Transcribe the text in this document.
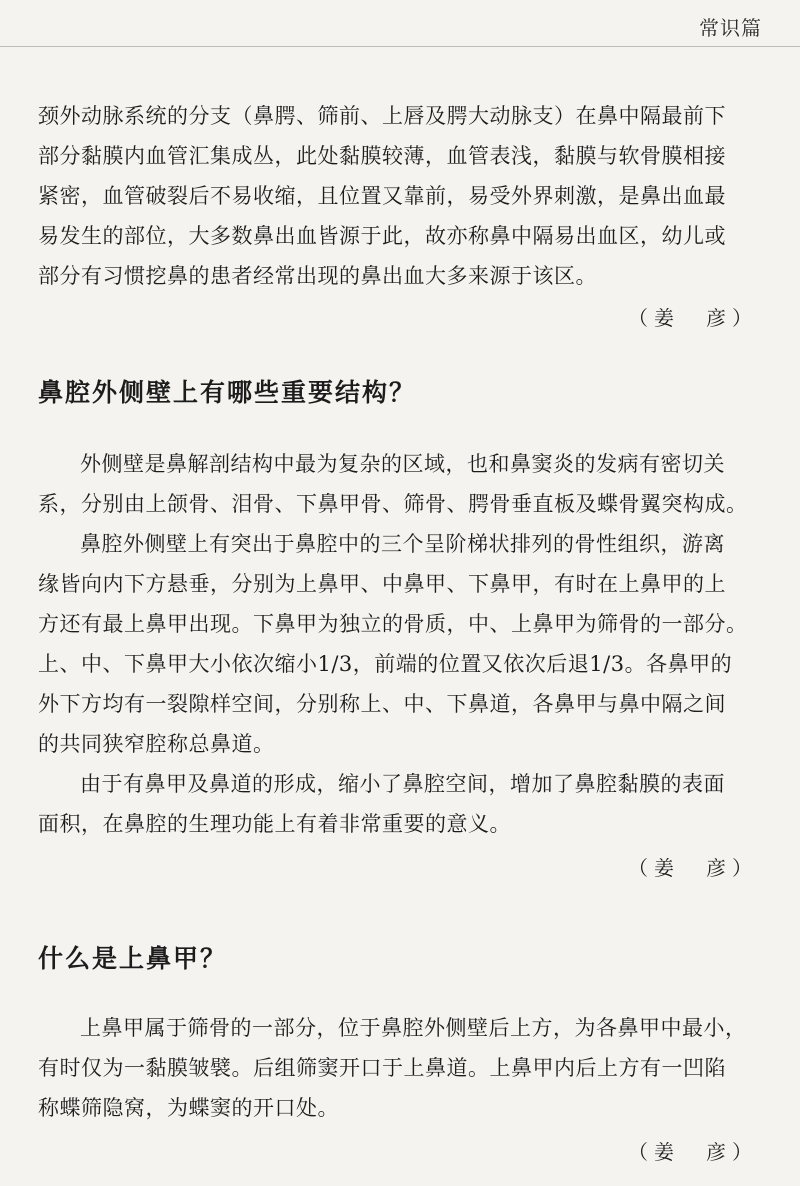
常识篇

颈外动脉系统的分支（鼻腭、筛前、上唇及腭大动脉支）在鼻中隔最前下

部分黏膜内血管汇集成丛，此处黏膜较薄，血管表浅，黏膜与软骨膜相接

紧密，血管破裂后不易收缩，且位置又靠前，易受外界刺激，是鼻出血最

易发生的部位，大多数鼻出血皆源于此，故亦称鼻中隔易出血区，幼儿或

部分有习惯挖鼻的患者经常出现的鼻出血大多来源于该区。

（姜　彦）

鼻腔外侧壁上有哪些重要结构？

外侧壁是鼻解剖结构中最为复杂的区域，也和鼻窦炎的发病有密切关

系，分别由上颌骨、泪骨、下鼻甲骨、筛骨、腭骨垂直板及蝶骨翼突构成。

鼻腔外侧壁上有突出于鼻腔中的三个呈阶梯状排列的骨性组织，游离

缘皆向内下方悬垂，分别为上鼻甲、中鼻甲、下鼻甲，有时在上鼻甲的上

方还有最上鼻甲出现。下鼻甲为独立的骨质，中、上鼻甲为筛骨的一部分。

上、中、下鼻甲大小依次缩小1/3，前端的位置又依次后退1/3。各鼻甲的

外下方均有一裂隙样空间，分别称上、中、下鼻道，各鼻甲与鼻中隔之间

的共同狭窄腔称总鼻道。

由于有鼻甲及鼻道的形成，缩小了鼻腔空间，增加了鼻腔黏膜的表面

面积，在鼻腔的生理功能上有着非常重要的意义。

（姜　彦）

什么是上鼻甲？

上鼻甲属于筛骨的一部分，位于鼻腔外侧壁后上方，为各鼻甲中最小，

有时仅为一黏膜皱襞。后组筛窦开口于上鼻道。上鼻甲内后上方有一凹陷

称蝶筛隐窝，为蝶窦的开口处。

（姜　彦）
